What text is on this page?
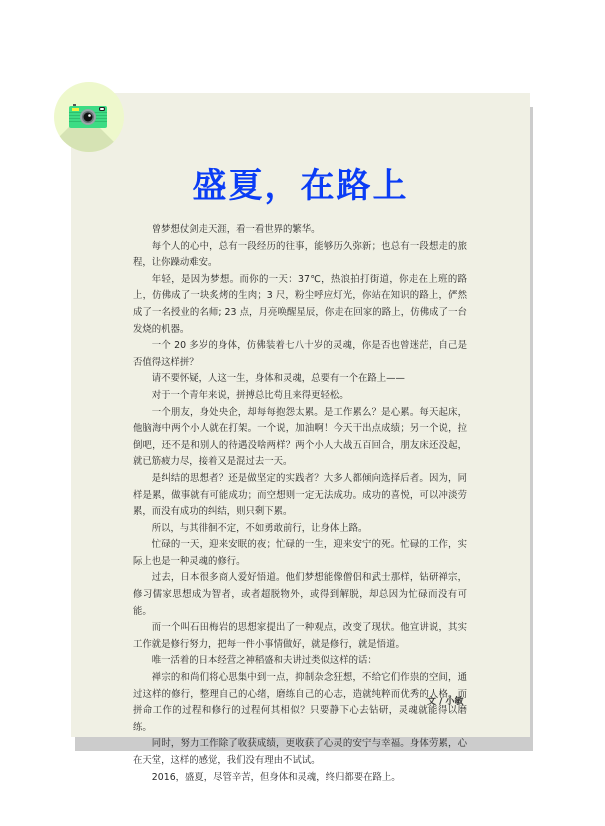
盛夏，在路上

曾梦想仗剑走天涯，看一看世界的繁华。

每个人的心中，总有一段经历的往事，能够历久弥新；也总有一段想走的旅程，让你躁动难安。

年轻，是因为梦想。而你的一天：37℃，热浪拍打街道，你走在上班的路上，仿佛成了一块炙烤的生肉；3 尺，粉尘呼应灯光，你站在知识的路上，俨然成了一名授业的名师; 23 点，月亮唤醒星辰，你走在回家的路上，仿佛成了一台发烧的机器。

一个 20 多岁的身体，仿佛装着七八十岁的灵魂，你是否也曾迷茫，自己是否值得这样拼？

请不要怀疑，人这一生，身体和灵魂，总要有一个在路上——

对于一个青年来说，拼搏总比苟且来得更轻松。

一个朋友，身处央企，却每每抱怨太累。是工作累么？是心累。每天起床，他脑海中两个小人就在打架。一个说，加油啊！今天干出点成绩；另一个说，拉倒吧，还不是和别人的待遇没啥两样？两个小人大战五百回合，朋友床还没起，就已筋疲力尽，接着又是混过去一天。

是纠结的思想者？还是做坚定的实践者？大多人都倾向选择后者。因为，同样是累，做事就有可能成功；而空想则一定无法成功。成功的喜悦，可以冲淡劳累，而没有成功的纠结，则只剩下累。

所以，与其徘徊不定，不如勇敢前行，让身体上路。

忙碌的一天，迎来安眠的夜；忙碌的一生，迎来安宁的死。忙碌的工作，实际上也是一种灵魂的修行。

过去，日本很多商人爱好悟道。他们梦想能像僧侣和武士那样，钻研禅宗，修习儒家思想成为智者，或者超脱物外，或得到解脱，却总因为忙碌而没有可能。

而一个叫石田梅岩的思想家提出了一种观点，改变了现状。他宣讲说，其实工作就是修行努力，把每一件小事情做好，就是修行，就是悟道。

唯一活着的日本经营之神稻盛和夫讲过类似这样的话：

禅宗的和尚们将心思集中到一点，抑制杂念狂想，不给它们作祟的空间，通过这样的修行，整理自己的心绪，磨练自己的心志，造就纯粹而优秀的人格。而拼命工作的过程和修行的过程何其相似？只要静下心去钻研，灵魂就能得以磨练。

同时，努力工作除了收获成绩，更收获了心灵的安宁与幸福。身体劳累，心在天堂，这样的感觉，我们没有理由不试试。

2016，盛夏，尽管辛苦，但身体和灵魂，终归都要在路上。

文 / 小敏
